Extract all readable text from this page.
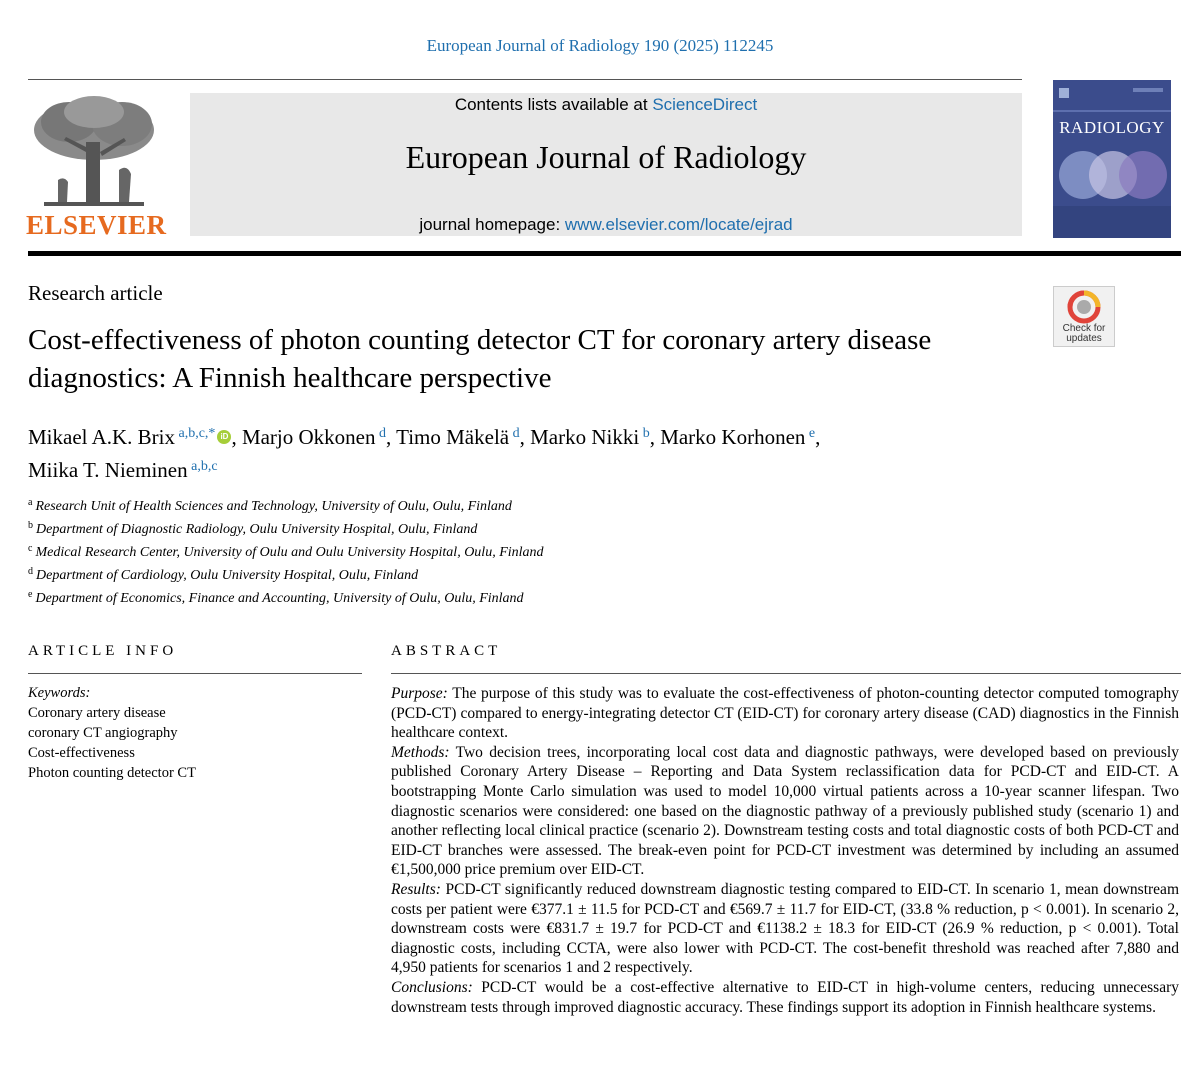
European Journal of Radiology 190 (2025) 112245
ELSEVIER
Contents lists available at ScienceDirect
European Journal of Radiology
journal homepage: www.elsevier.com/locate/ejrad
RADIOLOGY
Research article
Check for
updates
Cost-effectiveness of photon counting detector CT for coronary artery disease diagnostics: A Finnish healthcare perspective
Mikael A.K. Brix $^{a,b,c,*}$ iD , Marjo Okkonen $^d$, Timo Mäkelä $^d$, Marko Nikki $^b$, Marko Korhonen $^e$,
Miika T. Nieminen $^{a,b,c}$
$^a$ Research Unit of Health Sciences and Technology, University of Oulu, Oulu, Finland
$^b$ Department of Diagnostic Radiology, Oulu University Hospital, Oulu, Finland
$^c$ Medical Research Center, University of Oulu and Oulu University Hospital, Oulu, Finland
$^d$ Department of Cardiology, Oulu University Hospital, Oulu, Finland
$^e$ Department of Economics, Finance and Accounting, University of Oulu, Oulu, Finland
ARTICLE INFO	ABSTRACT
Keywords:
Coronary artery disease
coronary CT angiography
Cost-effectiveness
Photon counting detector CT

Purpose: The purpose of this study was to evaluate the cost-effectiveness of photon-counting detector computed tomography (PCD-CT) compared to energy-integrating detector CT (EID-CT) for coronary artery disease (CAD) diagnostics in the Finnish healthcare context.

Methods: Two decision trees, incorporating local cost data and diagnostic pathways, were developed based on previously published Coronary Artery Disease – Reporting and Data System reclassification data for PCD-CT and EID-CT. A bootstrapping Monte Carlo simulation was used to model 10,000 virtual patients across a 10-year scanner lifespan. Two diagnostic scenarios were considered: one based on the diagnostic pathway of a previously published study (scenario 1) and another reflecting local clinical practice (scenario 2). Downstream testing costs and total diagnostic costs of both PCD-CT and EID-CT branches were assessed. The break-even point for PCD-CT investment was determined by including an assumed €1,500,000 price premium over EID-CT.

Results: PCD-CT significantly reduced downstream diagnostic testing compared to EID-CT. In scenario 1, mean downstream costs per patient were €377.1 ± 11.5 for PCD-CT and €569.7 ± 11.7 for EID-CT, (33.8 % reduction, p < 0.001). In scenario 2, downstream costs were €831.7 ± 19.7 for PCD-CT and €1138.2 ± 18.3 for EID-CT (26.9 % reduction, p < 0.001). Total diagnostic costs, including CCTA, were also lower with PCD-CT. The cost-benefit threshold was reached after 7,880 and 4,950 patients for scenarios 1 and 2 respectively.

Conclusions: PCD-CT would be a cost-effective alternative to EID-CT in high-volume centers, reducing unnecessary downstream tests through improved diagnostic accuracy. These findings support its adoption in Finnish healthcare systems.
